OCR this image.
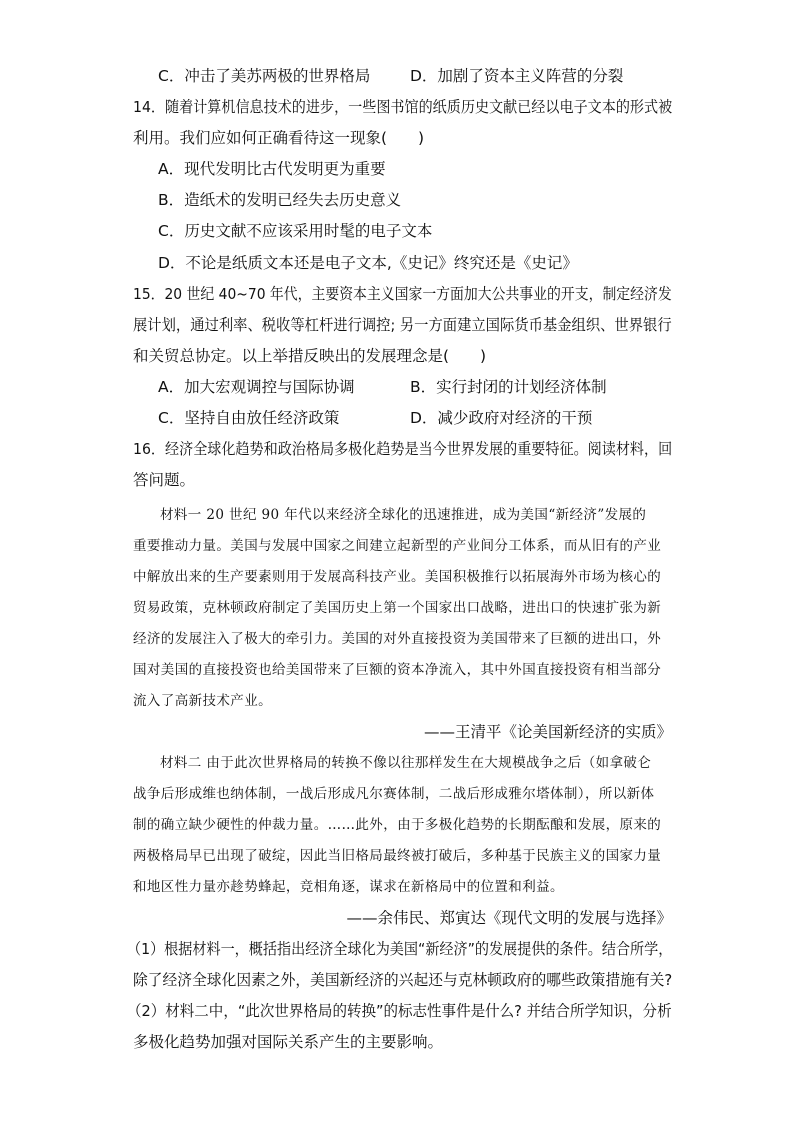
C．冲击了美苏两极的世界格局	D．加剧了资本主义阵营的分裂
14．随着计算机信息技术的进步，一些图书馆的纸质历史文献已经以电子文本的形式被
利用。我们应如何正确看待这一现象(　　)
A．现代发明比古代发明更为重要
B．造纸术的发明已经失去历史意义
C．历史文献不应该采用时髦的电子文本
D．不论是纸质文本还是电子文本,《史记》终究还是《史记》
15．20 世纪 40~70 年代，主要资本主义国家一方面加大公共事业的开支，制定经济发
展计划，通过利率、税收等杠杆进行调控; 另一方面建立国际货币基金组织、世界银行
和关贸总协定。以上举措反映出的发展理念是(　　)
A．加大宏观调控与国际协调	B．实行封闭的计划经济体制
C．坚持自由放任经济政策	D．减少政府对经济的干预
16．经济全球化趋势和政治格局多极化趋势是当今世界发展的重要特征。阅读材料，回
答问题。
材料一 20 世纪 90 年代以来经济全球化的迅速推进，成为美国“新经济”发展的
重要推动力量。美国与发展中国家之间建立起新型的产业间分工体系，而从旧有的产业
中解放出来的生产要素则用于发展高科技产业。美国积极推行以拓展海外市场为核心的
贸易政策，克林顿政府制定了美国历史上第一个国家出口战略，进出口的快速扩张为新
经济的发展注入了极大的牵引力。美国的对外直接投资为美国带来了巨额的进出口，外
国对美国的直接投资也给美国带来了巨额的资本净流入，其中外国直接投资有相当部分
流入了高新技术产业。
——王清平《论美国新经济的实质》
材料二 由于此次世界格局的转换不像以往那样发生在大规模战争之后（如拿破仑
战争后形成维也纳体制，一战后形成凡尔赛体制，二战后形成雅尔塔体制），所以新体
制的确立缺少硬性的仲裁力量。……此外，由于多极化趋势的长期酝酿和发展，原来的
两极格局早已出现了破绽，因此当旧格局最终被打破后，多种基于民族主义的国家力量
和地区性力量亦趁势蜂起，竞相角逐，谋求在新格局中的位置和利益。
——余伟民、郑寅达《现代文明的发展与选择》
（1）根据材料一，概括指出经济全球化为美国“新经济”的发展提供的条件。结合所学，
除了经济全球化因素之外，美国新经济的兴起还与克林顿政府的哪些政策措施有关?
（2）材料二中，“此次世界格局的转换”的标志性事件是什么? 并结合所学知识，分析
多极化趋势加强对国际关系产生的主要影响。
